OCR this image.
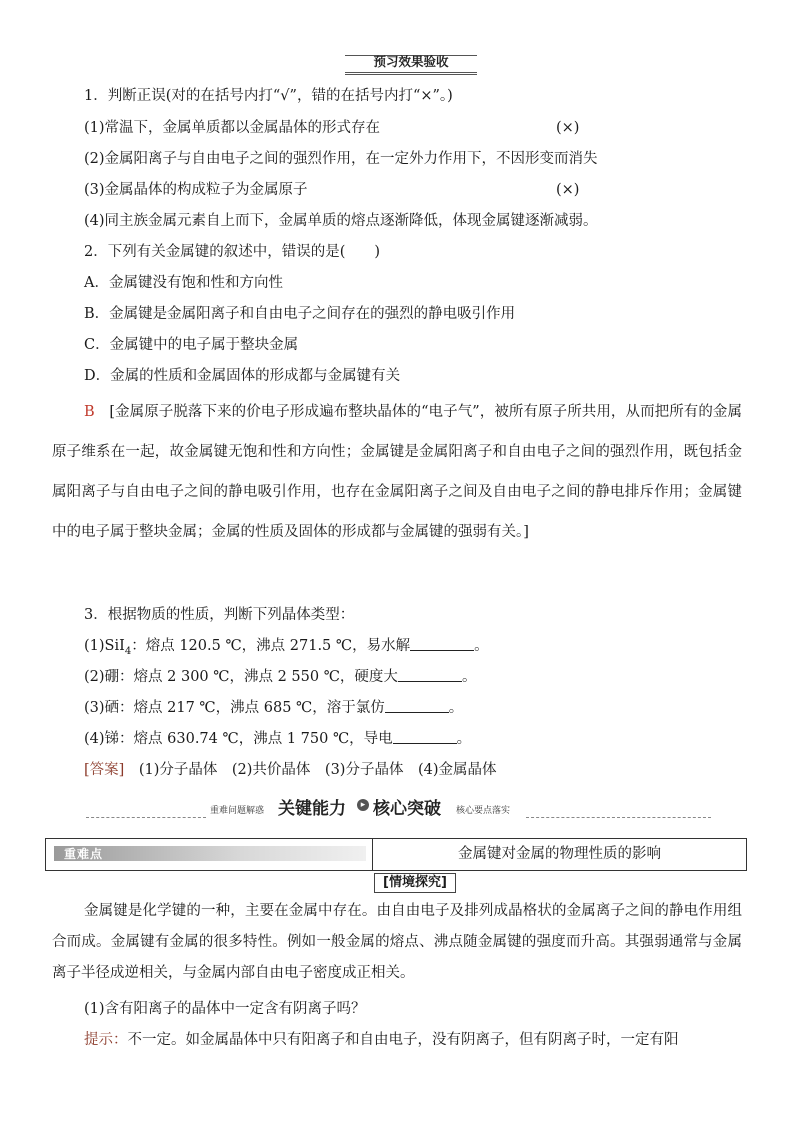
预习效果验收
1．判断正误(对的在括号内打“√”，错的在括号内打“×”。)
(1)常温下，金属单质都以金属晶体的形式存在	(×)
(2)金属阳离子与自由电子之间的强烈作用，在一定外力作用下，不因形变而消失
(3)金属晶体的构成粒子为金属原子	(×)
(4)同主族金属元素自上而下，金属单质的熔点逐渐降低，体现金属键逐渐减弱。
2．下列有关金属键的叙述中，错误的是(　　)
A．金属键没有饱和性和方向性
B．金属键是金属阳离子和自由电子之间存在的强烈的静电吸引作用
C．金属键中的电子属于整块金属
D．金属的性质和金属固体的形成都与金属键有关
B　 [金属原子脱落下来的价电子形成遍布整块晶体的“电子气”，被所有原子所共用，从而把所有的金属原子维系在一起，故金属键无饱和性和方向性；金属键是金属阳离子和自由电子之间的强烈作用，既包括金属阳离子与自由电子之间的静电吸引作用，也存在金属阳离子之间及自由电子之间的静电排斥作用；金属键中的电子属于整块金属；金属的性质及固体的形成都与金属键的强弱有关。]
3．根据物质的性质，判断下列晶体类型：
(1)SiI$_4$：熔点 120.5 ℃，沸点 271.5 ℃，易水解	。
(2)硼：熔点 2 300 ℃，沸点 2 550 ℃，硬度大	。
(3)硒：熔点 217 ℃，沸点 685 ℃，溶于氯仿	。
(4)锑：熔点 630.74 ℃，沸点 1 750 ℃，导电	。
[答案]　 (1)分子晶体　(2)共价晶体　(3)分子晶体　(4)金属晶体
重难问题解惑 关键能力	▸ 核心突破 核心要点落实
重难点	金属键对金属的物理性质的影响
[情境探究]
金属键是化学键的一种，主要在金属中存在。由自由电子及排列成晶格状的金属离子之间的静电作用组合而成。金属键有金属的很多特性。例如一般金属的熔点、沸点随金属键的强度而升高。其强弱通常与金属离子半径成逆相关，与金属内部自由电子密度成正相关。
(1)含有阳离子的晶体中一定含有阴离子吗？
提示：不一定。如金属晶体中只有阳离子和自由电子，没有阴离子，但有阴离子时，一定有阳
